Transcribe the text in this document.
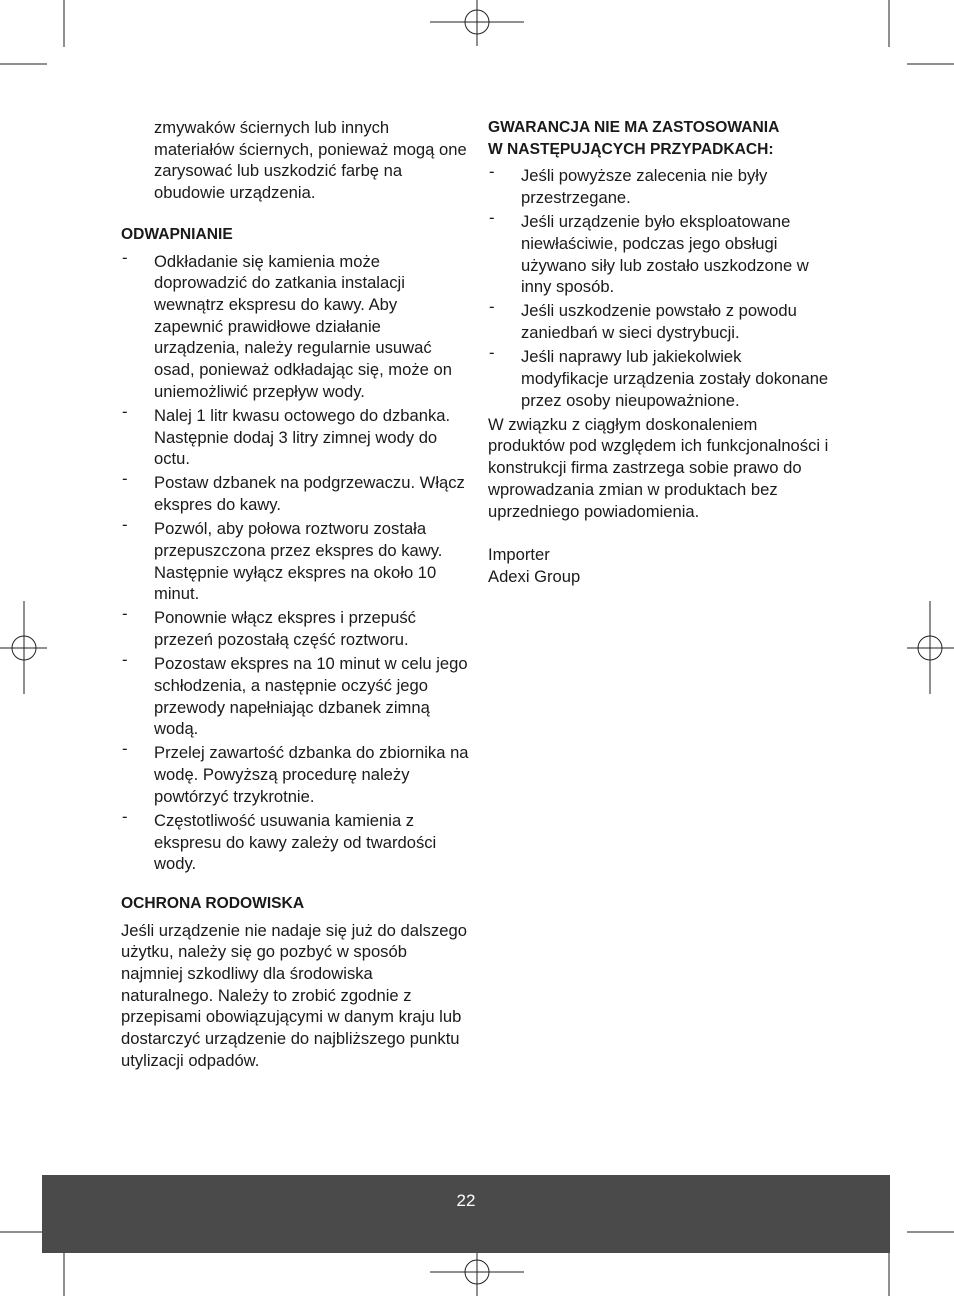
zmywaków ściernych lub innych materiałów ściernych, ponieważ mogą one zarysować lub uszkodzić farbę na obudowie urządzenia.

ODWAPNIANIE
- Odkładanie się kamienia może doprowadzić do zatkania instalacji wewnątrz ekspresu do kawy. Aby zapewnić prawidłowe działanie urządzenia, należy regularnie usuwać osad, ponieważ odkładając się, może on uniemożliwić przepływ wody.
- Nalej 1 litr kwasu octowego do dzbanka. Następnie dodaj 3 litry zimnej wody do octu.
- Postaw dzbanek na podgrzewaczu. Włącz ekspres do kawy.
- Pozwól, aby połowa roztworu została przepuszczona przez ekspres do kawy. Następnie wyłącz ekspres na około 10 minut.
- Ponownie włącz ekspres i przepuść przezeń pozostałą część roztworu.
- Pozostaw ekspres na 10 minut w celu jego schłodzenia, a następnie oczyść jego przewody napełniając dzbanek zimną wodą.
- Przelej zawartość dzbanka do zbiornika na wodę. Powyższą procedurę należy powtórzyć trzykrotnie.
- Częstotliwość usuwania kamienia z ekspresu do kawy zależy od twardości wody.
OCHRONA RODOWISKA

Jeśli urządzenie nie nadaje się już do dalszego użytku, należy się go pozbyć w sposób najmniej szkodliwy dla środowiska naturalnego. Należy to zrobić zgodnie z przepisami obowiązującymi w danym kraju lub dostarczyć urządzenie do najbliższego punktu utylizacji odpadów.

GWARANCJA NIE MA ZASTOSOWANIA
W NASTĘPUJĄCYCH PRZYPADKACH:
- Jeśli powyższe zalecenia nie były przestrzegane.
- Jeśli urządzenie było eksploatowane niewłaściwie, podczas jego obsługi używano siły lub zostało uszkodzone w inny sposób.
- Jeśli uszkodzenie powstało z powodu zaniedbań w sieci dystrybucji.
- Jeśli naprawy lub jakiekolwiek modyfikacje urządzenia zostały dokonane przez osoby nieupoważnione.

W związku z ciągłym doskonaleniem produktów pod względem ich funkcjonalności i konstrukcji firma zastrzega sobie prawo do wprowadzania zmian w produktach bez uprzedniego powiadomienia.

Importer

Adexi Group

22
